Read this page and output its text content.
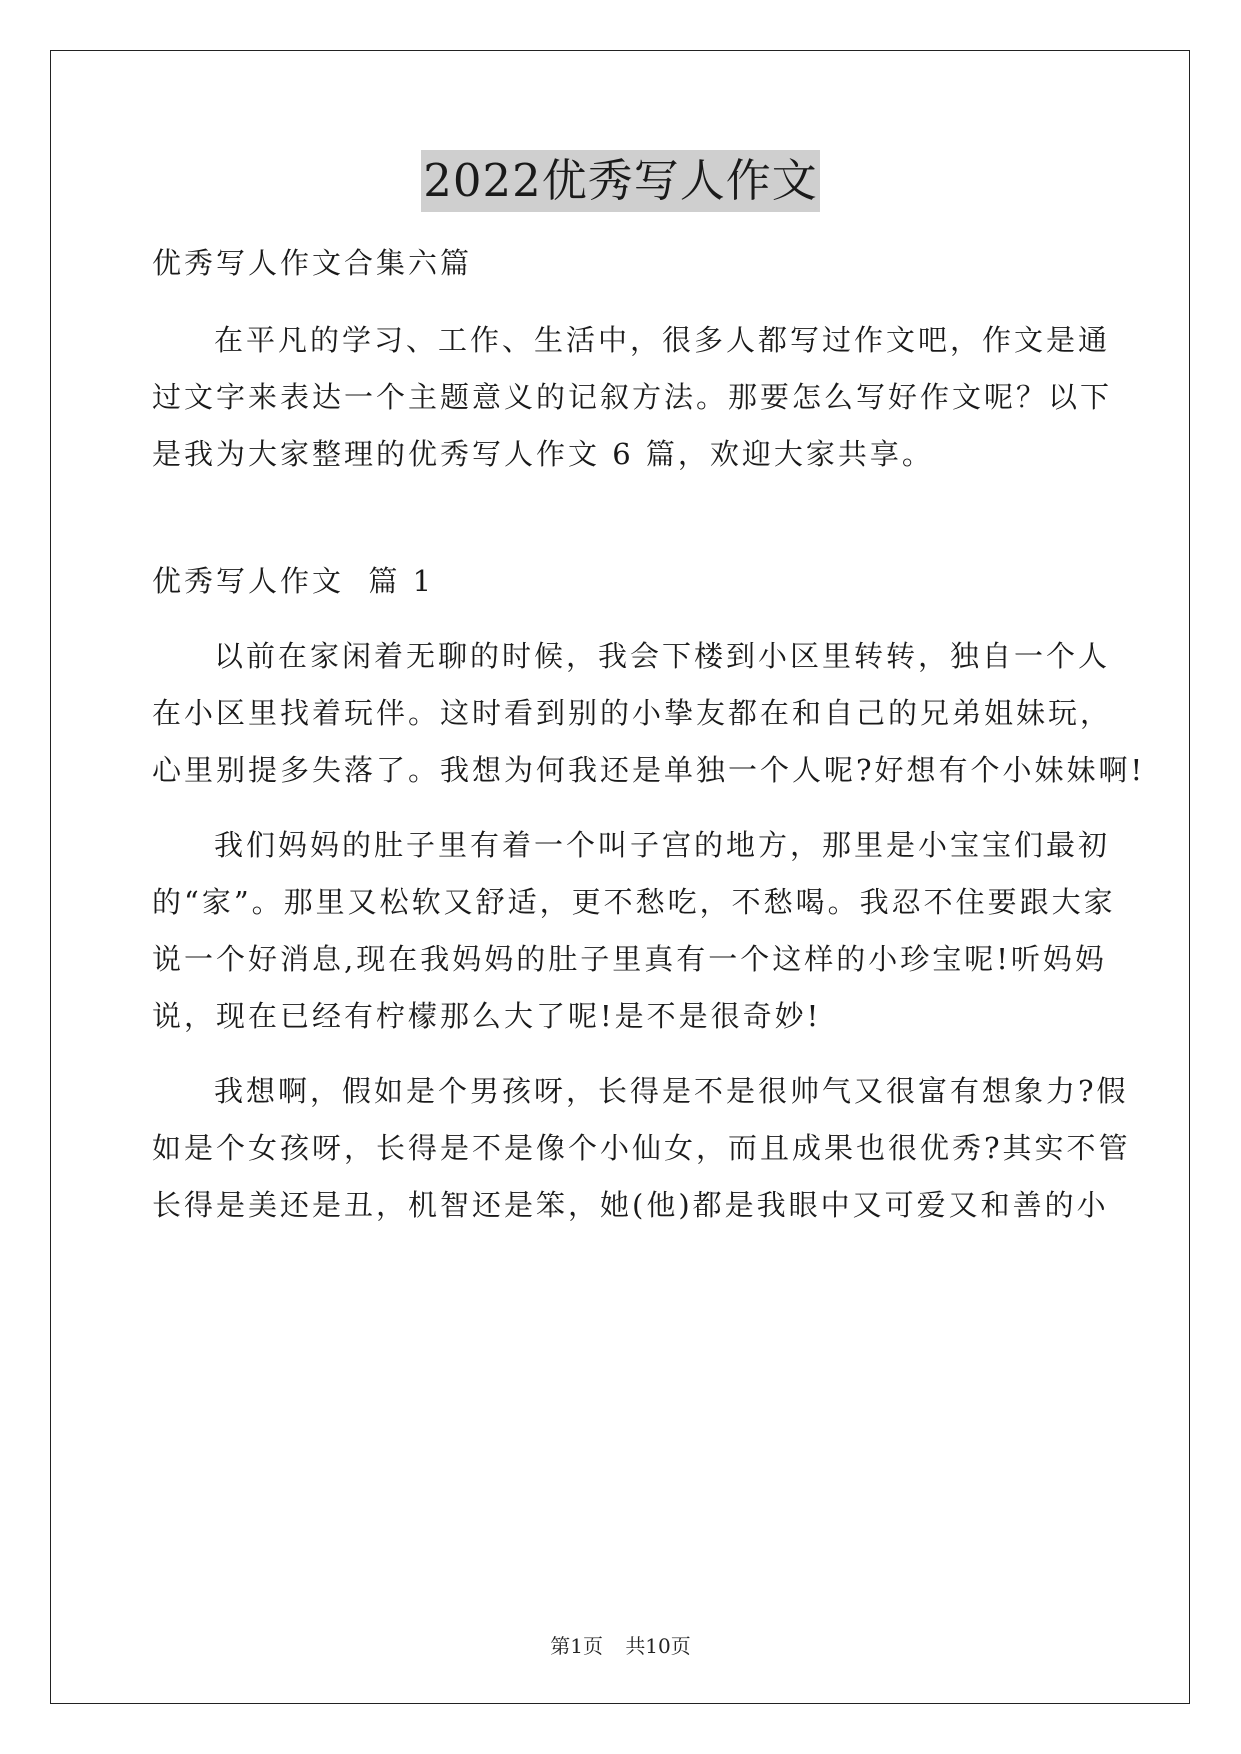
2022优秀写人作文
优秀写人作文合集六篇
在平凡的学习、工作、生活中，很多人都写过作文吧，作文是通
过文字来表达一个主题意义的记叙方法。那要怎么写好作文呢？以下
是我为大家整理的优秀写人作文 6 篇，欢迎大家共享。
优秀写人作文  篇 1
以前在家闲着无聊的时候，我会下楼到小区里转转，独自一个人
在小区里找着玩伴。这时看到别的小挚友都在和自己的兄弟姐妹玩，
心里别提多失落了。我想为何我还是单独一个人呢?好想有个小妹妹啊!
我们妈妈的肚子里有着一个叫子宫的地方，那里是小宝宝们最初
的“家”。那里又松软又舒适，更不愁吃，不愁喝。我忍不住要跟大家
说一个好消息,现在我妈妈的肚子里真有一个这样的小珍宝呢!听妈妈
说，现在已经有柠檬那么大了呢!是不是很奇妙!
我想啊，假如是个男孩呀，长得是不是很帅气又很富有想象力?假
如是个女孩呀，长得是不是像个小仙女，而且成果也很优秀?其实不管
长得是美还是丑，机智还是笨，她(他)都是我眼中又可爱又和善的小
第1页 共10页
